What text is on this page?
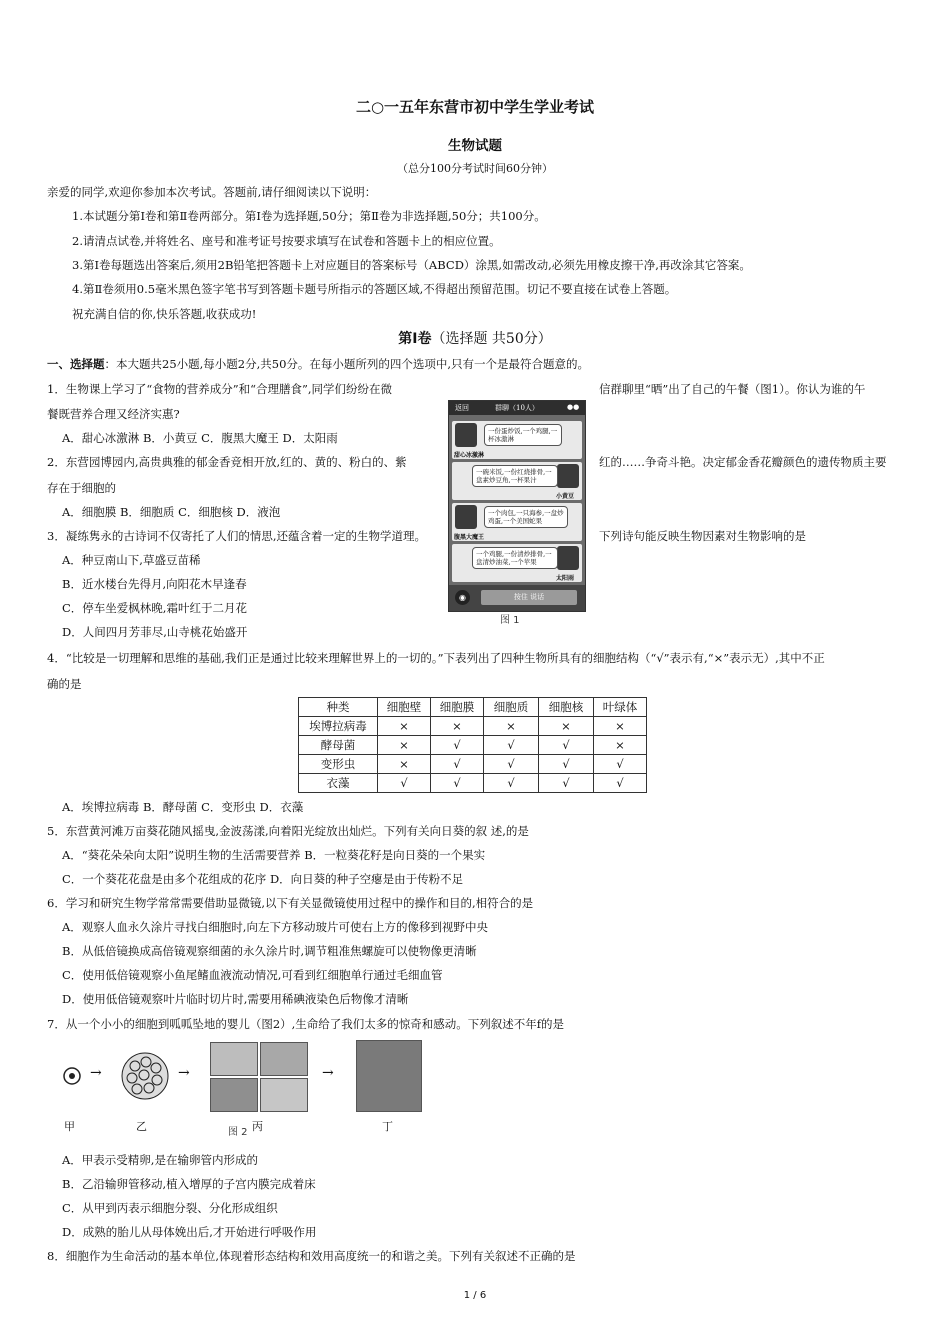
二○一五年东营市初中学生学业考试
生物试题
（总分100分考试时间60分钟）
亲爱的同学,欢迎你参加本次考试。答题前,请仔细阅读以下说明：
1.本试题分第Ⅰ卷和第Ⅱ卷两部分。第Ⅰ卷为选择题,50分；第Ⅱ卷为非选择题,50分；共100分。
2.请清点试卷,并将姓名、座号和准考证号按要求填写在试卷和答题卡上的相应位置。
3.第Ⅰ卷每题选出答案后,须用2B铅笔把答题卡上对应题目的答案标号（ABCD）涂黑,如需改动,必须先用橡皮擦干净,再改涂其它答案。
4.第Ⅱ卷须用0.5毫米黑色签字笔书写到答题卡题号所指示的答题区域,不得超出预留范围。切记不要直接在试卷上答题。
祝充满自信的你,快乐答题,收获成功!
第Ⅰ卷（选择题 共50分）
一、选择题：本大题共25小题,每小题2分,共50分。在每小题所列的四个选项中,只有一个是最符合题意的。
1．生物课上学习了“食物的营养成分”和“合理膳食”,同学们纷纷在微	信群聊里“晒”出了自己的午餐（图1）。你认为谁的午
餐既营养合理又经济实惠?
A．甜心冰激淋 B．小黄豆 C．腹黑大魔王 D．太阳雨
2．东营园博园内,高贵典雅的郁金香竞相开放,红的、黄的、粉白的、紫	红的……争奇斗艳。决定郁金香花瓣颜色的遗传物质主要
存在于细胞的
A．细胞膜 B．细胞质 C．细胞核 D．液泡
3．凝练隽永的古诗词不仅寄托了人们的情思,还蕴含着一定的生物学道理。	下列诗句能反映生物因素对生物影响的是
A．种豆南山下,草盛豆苗稀
B．近水楼台先得月,向阳花木早逢春
C．停车坐爱枫林晚,霜叶红于二月花
D．人间四月芳菲尽,山寺桃花始盛开
返回	群聊（10人）	●●
一份蛋炒饭,一个鸡腿,一杯冰激淋
甜心冰激淋
一碗米饭,一份红烧排骨,一盘素炒豆角,一杯果汁
小黄豆
一个肉包,一只海参,一盘炒鸡蛋,一个美国蛇果
腹黑大魔王
一个鸡腿,一份清炒排骨,一盘清炒油菜,一个苹果
太阳雨
◉	按住 说话
图 1
4．“比较是一切理解和思维的基础,我们正是通过比较来理解世界上的一切的。”下表列出了四种生物所具有的细胞结构（“√”表示有,“×”表示无）,其中不正
确的是
种类	细胞壁	细胞膜	细胞质	细胞核	叶绿体
埃博拉病毒	×	×	×	×	×
酵母菌	×	√	√	√	×
变形虫	×	√	√	√	√
衣藻	√	√	√	√	√
A．埃博拉病毒 B．酵母菌 C．变形虫 D．衣藻
5．东营黄河滩万亩葵花随风摇曳,金波荡漾,向着阳光绽放出灿烂。下列有关向日葵的叙 述,的是
A．“葵花朵朵向太阳”说明生物的生活需要营养 B．一粒葵花籽是向日葵的一个果实
C．一个葵花花盘是由多个花组成的花序 D．向日葵的种子空瘪是由于传粉不足
6．学习和研究生物学常常需要借助显微镜,以下有关显微镜使用过程中的操作和目的,相符合的是
A．观察人血永久涂片寻找白细胞时,向左下方移动玻片可使右上方的像移到视野中央
B．从低倍镜换成高倍镜观察细菌的永久涂片时,调节粗准焦螺旋可以使物像更清晰
C．使用低倍镜观察小鱼尾鳍血液流动情况,可看到红细胞单行通过毛细血管
D．使用低倍镜观察叶片临时切片时,需要用稀碘液染色后物像才清晰
7．从一个小小的细胞到呱呱坠地的婴儿（图2）,生命给了我们太多的惊奇和感动。下列叙述不年f的是
→	→	→
甲	乙	丙	丁
图 2
A．甲表示受精卵,是在输卵管内形成的
B．乙沿输卵管移动,植入增厚的子宫内膜完成着床
C．从甲到丙表示细胞分裂、分化形成组织
D．成熟的胎儿从母体娩出后,才开始进行呼吸作用
8．细胞作为生命活动的基本单位,体现着形态结构和效用高度统一的和谐之美。下列有关叙述不正确的是
1 / 6
